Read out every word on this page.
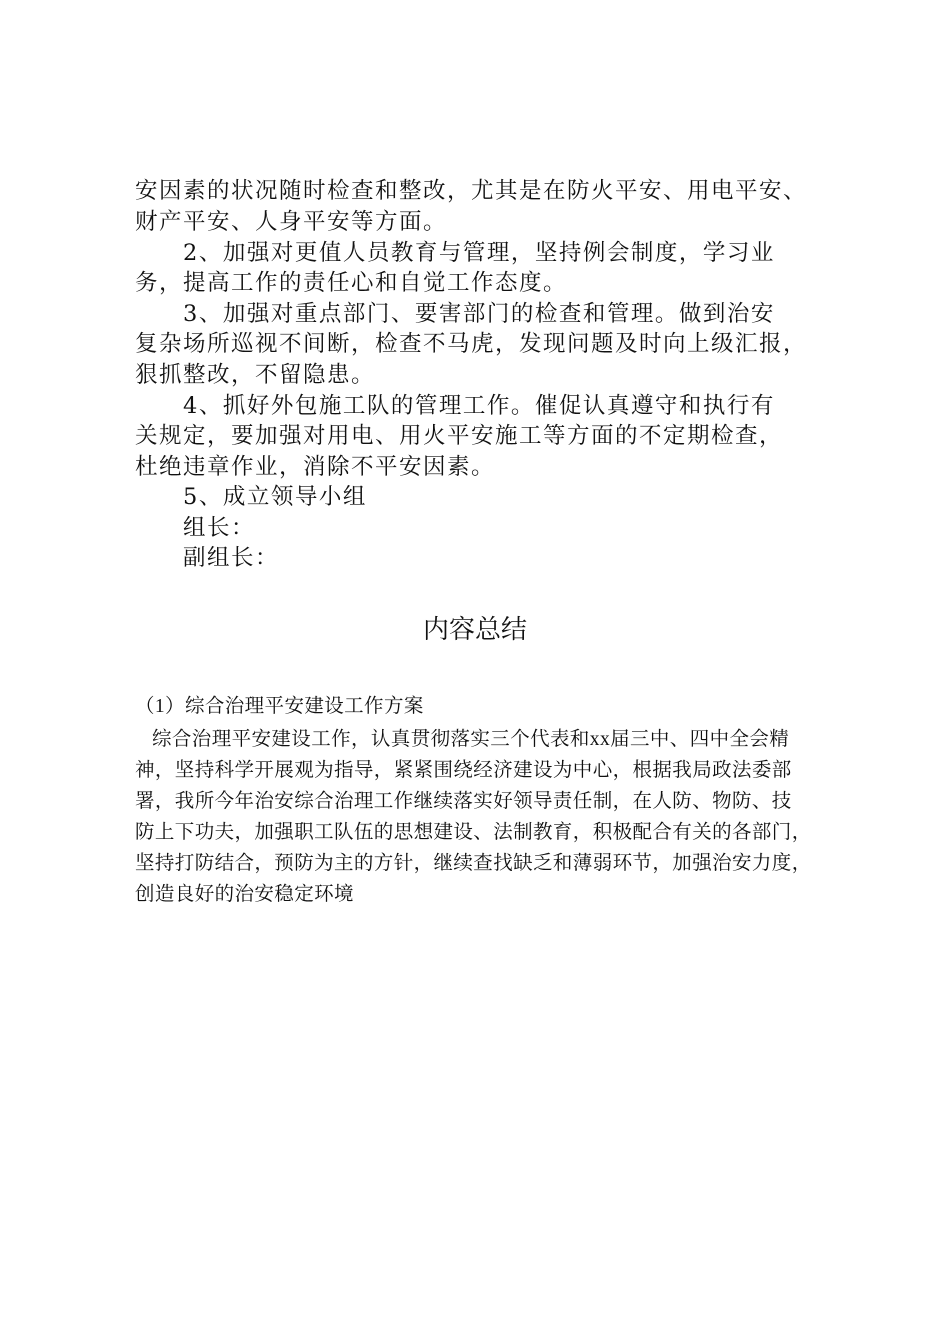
安因素的状况随时检查和整改，尤其是在防火平安、用电平安、
财产平安、人身平安等方面。
2、加强对更值人员教育与管理，坚持例会制度，学习业
务，提高工作的责任心和自觉工作态度。
3、加强对重点部门、要害部门的检查和管理。做到治安
复杂场所巡视不间断，检查不马虎，发现问题及时向上级汇报，
狠抓整改，不留隐患。
4、抓好外包施工队的管理工作。催促认真遵守和执行有
关规定，要加强对用电、用火平安施工等方面的不定期检查，
杜绝违章作业，消除不平安因素。
5、成立领导小组
组长：
副组长：
内容总结
（1）综合治理平安建设工作方案
综合治理平安建设工作，认真贯彻落实三个代表和xx届三中、四中全会精
神，坚持科学开展观为指导，紧紧围绕经济建设为中心，根据我局政法委部
署，我所今年治安综合治理工作继续落实好领导责任制，在人防、物防、技
防上下功夫，加强职工队伍的思想建设、法制教育，积极配合有关的各部门，
坚持打防结合，预防为主的方针，继续查找缺乏和薄弱环节，加强治安力度，
创造良好的治安稳定环境
